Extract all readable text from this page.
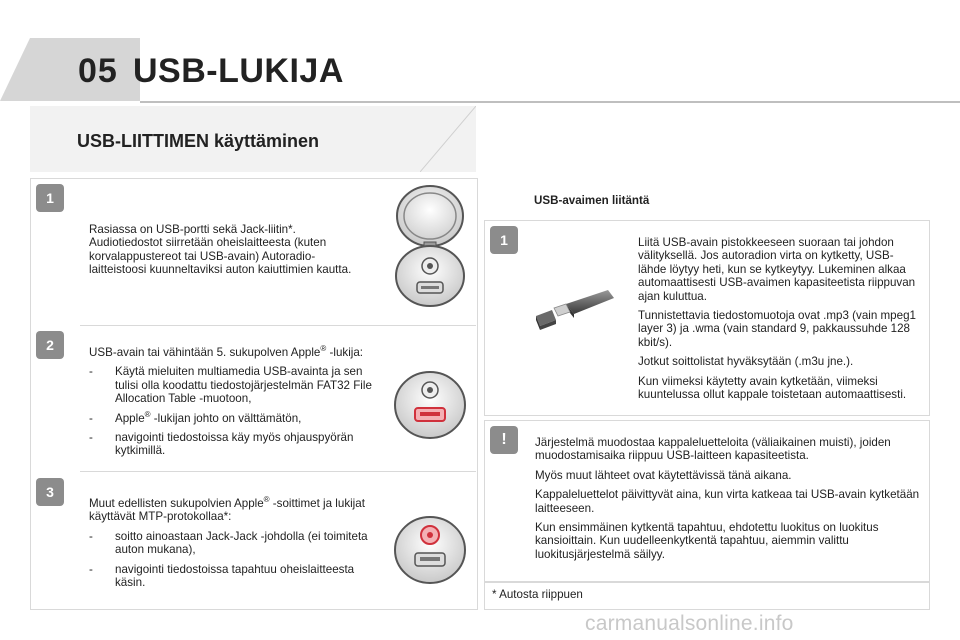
05 USB-LUKIJA
USB-LIITTIMEN käyttäminen
1

Rasiassa on USB-portti sekä Jack-liitin*. Audiotiedostot siirretään oheislaitteesta (kuten korvalappustereot tai USB-avain) Autoradio-laitteistoosi kuunneltaviksi auton kaiuttimien kautta.

2	USB-avain tai vähintään 5. sukupolven Apple® -lukija:

- Käytä mieluiten multiamedia USB-avainta ja sen tulisi olla koodattu tiedostojärjestelmän FAT32 File Allocation Table -muotoon,
- Apple® -lukijan johto on välttämätön,
- navigointi tiedostoissa käy myös ohjauspyörän kytkimillä.
3

Muut edellisten sukupolvien Apple® -soittimet ja lukijat käyttävät MTP-protokollaa*:

- soitto ainoastaan Jack-Jack -johdolla (ei toimiteta auton mukana),
- navigointi tiedostoissa tapahtuu oheislaitteesta käsin.
USB-avaimen liitäntä
1	Liitä USB-avain pistokkeeseen suoraan tai johdon välityksellä. Jos autoradion virta on kytketty, USB-lähde löytyy heti, kun se kytkeytyy. Lukeminen alkaa automaattisesti USB-avaimen kapasiteetista riippuvan ajan kuluttua.

Tunnistettavia tiedostomuotoja ovat .mp3 (vain mpeg1 layer 3) ja .wma (vain standard 9, pakkaussuhde 128 kbit/s).

Jotkut soittolistat hyväksytään (.m3u jne.).

Kun viimeksi käytetty avain kytketään, viimeksi kuuntelussa ollut kappale toistetaan automaattisesti.

!	Järjestelmä muodostaa kappaleluetteloita (väliaikainen muisti), joiden muodostamisaika riippuu USB-laitteen kapasiteetista.

Myös muut lähteet ovat käytettävissä tänä aikana.

Kappaleluettelot päivittyvät aina, kun virta katkeaa tai USB-avain kytketään laitteeseen.

Kun ensimmäinen kytkentä tapahtuu, ehdotettu luokitus on luokitus kansioittain. Kun uudelleenkytkentä tapahtuu, aiemmin valittu luokitusjärjestelmä säilyy.

* Autosta riippuen
carmanualsonline.info
